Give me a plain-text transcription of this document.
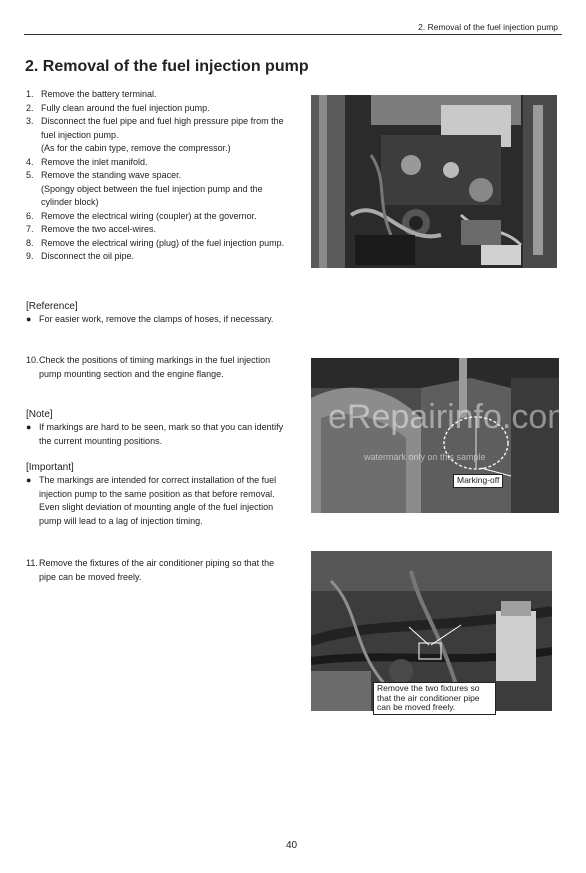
2. Removal of the fuel injection pump
2. Removal of the fuel injection pump
1. Remove the battery terminal.
2. Fully clean around the fuel injection pump.
3. Disconnect the fuel pipe and fuel high pressure pipe from the fuel injection pump.
(As for the cabin type, remove the compressor.)
4. Remove the inlet manifold.
5. Remove the standing wave spacer.
(Spongy object between the fuel injection pump and the cylinder block)
6. Remove the electrical wiring (coupler) at the governor.
7. Remove the two accel-wires.
8. Remove the electrical wiring (plug) of the fuel injection pump.
9. Disconnect the oil pipe.
[Reference]
● For easier work, remove the clamps of hoses, if necessary.
10. Check the positions of timing markings in the fuel injection pump mounting section and the engine flange.
[Note]
● If markings are hard to be seen, mark so that you can identify the current mounting positions.
[Important]
● The markings are intended for correct installation of the fuel injection pump to the same position as that before removal. Even slight deviation of mounting angle of the fuel injection pump will lead to a lag of injection timing.
11. Remove the fixtures of the air conditioner piping so that the pipe can be moved freely.
eRepairinfo.com
watermark only on this sample
Marking-off
Remove the two fixtures so that the air conditioner pipe can be moved freely.
40
